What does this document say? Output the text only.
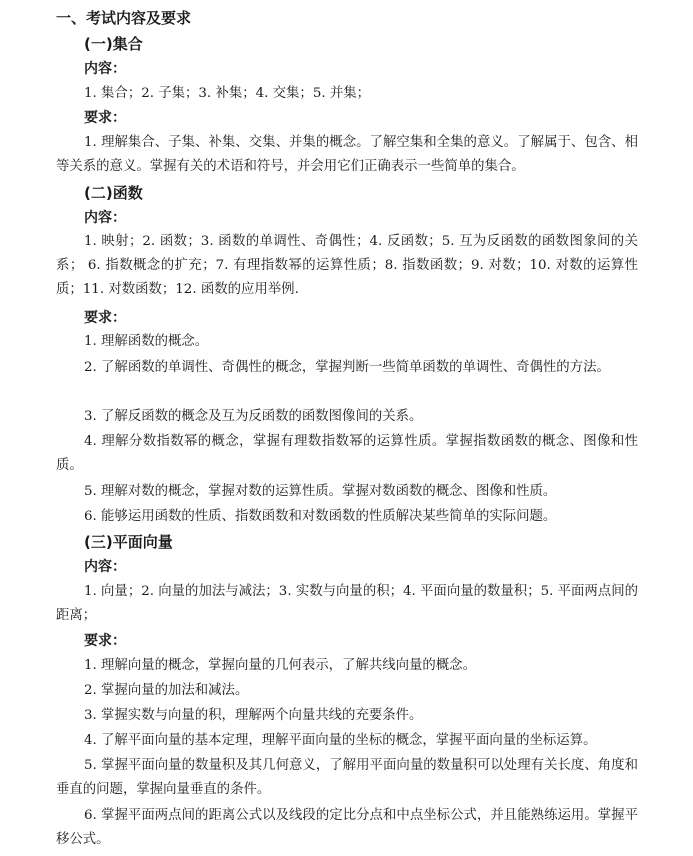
一、考试内容及要求
(一)集合
内容：
1. 集合；2. 子集；3. 补集；4. 交集；5. 并集；
要求：
1. 理解集合、子集、补集、交集、并集的概念。了解空集和全集的意义。了解属于、包含、相等关系的意义。掌握有关的术语和符号，并会用它们正确表示一些简单的集合。
(二)函数
内容：
1. 映射；2. 函数；3. 函数的单调性、奇偶性；4. 反函数；5. 互为反函数的函数图象间的关系； 6. 指数概念的扩充；7. 有理指数幂的运算性质；8. 指数函数；9. 对数；10. 对数的运算性质；11. 对数函数；12. 函数的应用举例.
要求：
1. 理解函数的概念。
2. 了解函数的单调性、奇偶性的概念，掌握判断一些简单函数的单调性、奇偶性的方法。
3. 了解反函数的概念及互为反函数的函数图像间的关系。
4. 理解分数指数幂的概念，掌握有理数指数幂的运算性质。掌握指数函数的概念、图像和性质。
5. 理解对数的概念，掌握对数的运算性质。掌握对数函数的概念、图像和性质。
6. 能够运用函数的性质、指数函数和对数函数的性质解决某些简单的实际问题。
(三)平面向量
内容：
1. 向量；2. 向量的加法与减法；3. 实数与向量的积；4. 平面向量的数量积；5. 平面两点间的距离；
要求：
1. 理解向量的概念，掌握向量的几何表示，了解共线向量的概念。
2. 掌握向量的加法和减法。
3. 掌握实数与向量的积，理解两个向量共线的充要条件。
4. 了解平面向量的基本定理，理解平面向量的坐标的概念，掌握平面向量的坐标运算。
5. 掌握平面向量的数量积及其几何意义，了解用平面向量的数量积可以处理有关长度、角度和垂直的问题，掌握向量垂直的条件。
6. 掌握平面两点间的距离公式以及线段的定比分点和中点坐标公式，并且能熟练运用。掌握平移公式。
